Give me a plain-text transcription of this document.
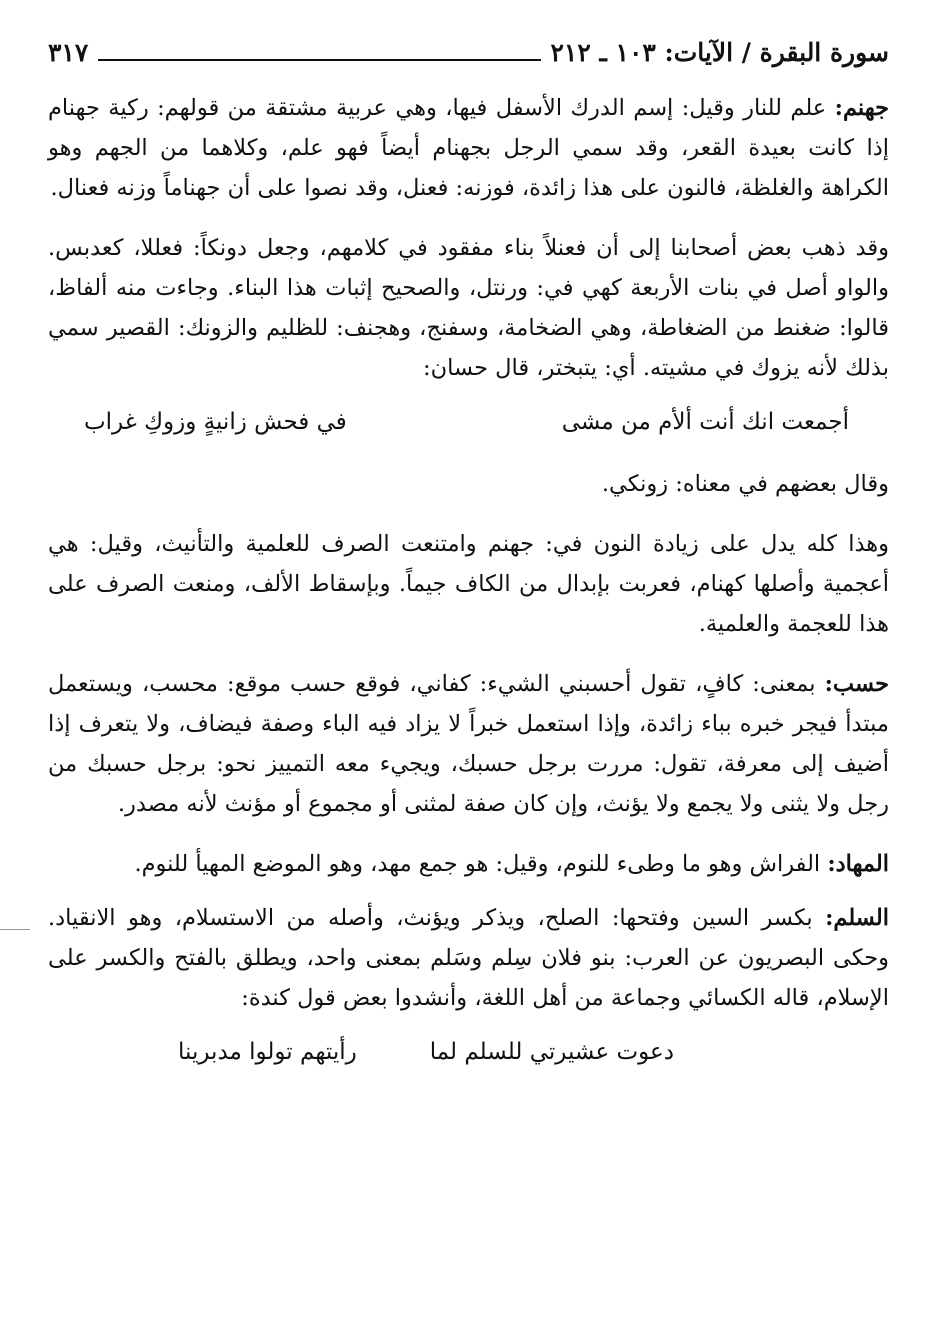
سورة البقرة / الآيات: ١٠٣ ـ ٢١٢
٣١٧

جهنم: علم للنار وقيل: إسم الدرك الأسفل فيها، وهي عربية مشتقة من قولهم: ركية جهنام إذا كانت بعيدة القعر، وقد سمي الرجل بجهنام أيضاً فهو علم، وكلاهما من الجهم وهو الكراهة والغلظة، فالنون على هذا زائدة، فوزنه: فعنل، وقد نصوا على أن جهناماً وزنه فعنال.

وقد ذهب بعض أصحابنا إلى أن فعنلاً بناء مفقود في كلامهم، وجعل دونكاً: فعللا، كعدبس. والواو أصل في بنات الأربعة كهي في: ورنتل، والصحيح إثبات هذا البناء. وجاءت منه ألفاظ، قالوا: ضغنط من الضغاطة، وهي الضخامة، وسفنج، وهجنف: للظليم والزونك: القصير سمي بذلك لأنه يزوك في مشيته. أي: يتبختر، قال حسان:

أجمعت انك أنت ألأم من مشى
في فحش زانيةٍ وزوكِ غراب

وقال بعضهم في معناه: زونكي.

وهذا كله يدل على زيادة النون في: جهنم وامتنعت الصرف للعلمية والتأنيث، وقيل: هي أعجمية وأصلها كهنام، فعربت بإبدال من الكاف جيماً. وبإسقاط الألف، ومنعت الصرف على هذا للعجمة والعلمية.

حسب: بمعنى: كافٍ، تقول أحسبني الشيء: كفاني، فوقع حسب موقع: محسب، ويستعمل مبتدأ فيجر خبره بباء زائدة، وإذا استعمل خبراً لا يزاد فيه الباء وصفة فيضاف، ولا يتعرف إذا أضيف إلى معرفة، تقول: مررت برجل حسبك، ويجيء معه التمييز نحو: برجل حسبك من رجل ولا يثنى ولا يجمع ولا يؤنث، وإن كان صفة لمثنى أو مجموع أو مؤنث لأنه مصدر.

المهاد: الفراش وهو ما وطىء للنوم، وقيل: هو جمع مهد، وهو الموضع المهيأ للنوم.

السلم: بكسر السين وفتحها: الصلح، ويذكر ويؤنث، وأصله من الاستسلام، وهو الانقياد. وحكى البصريون عن العرب: بنو فلان سِلم وسَلم بمعنى واحد، ويطلق بالفتح والكسر على الإسلام، قاله الكسائي وجماعة من أهل اللغة، وأنشدوا بعض قول كندة:

دعوت عشيرتي للسلم لما
رأيتهم تولوا مدبرينا
